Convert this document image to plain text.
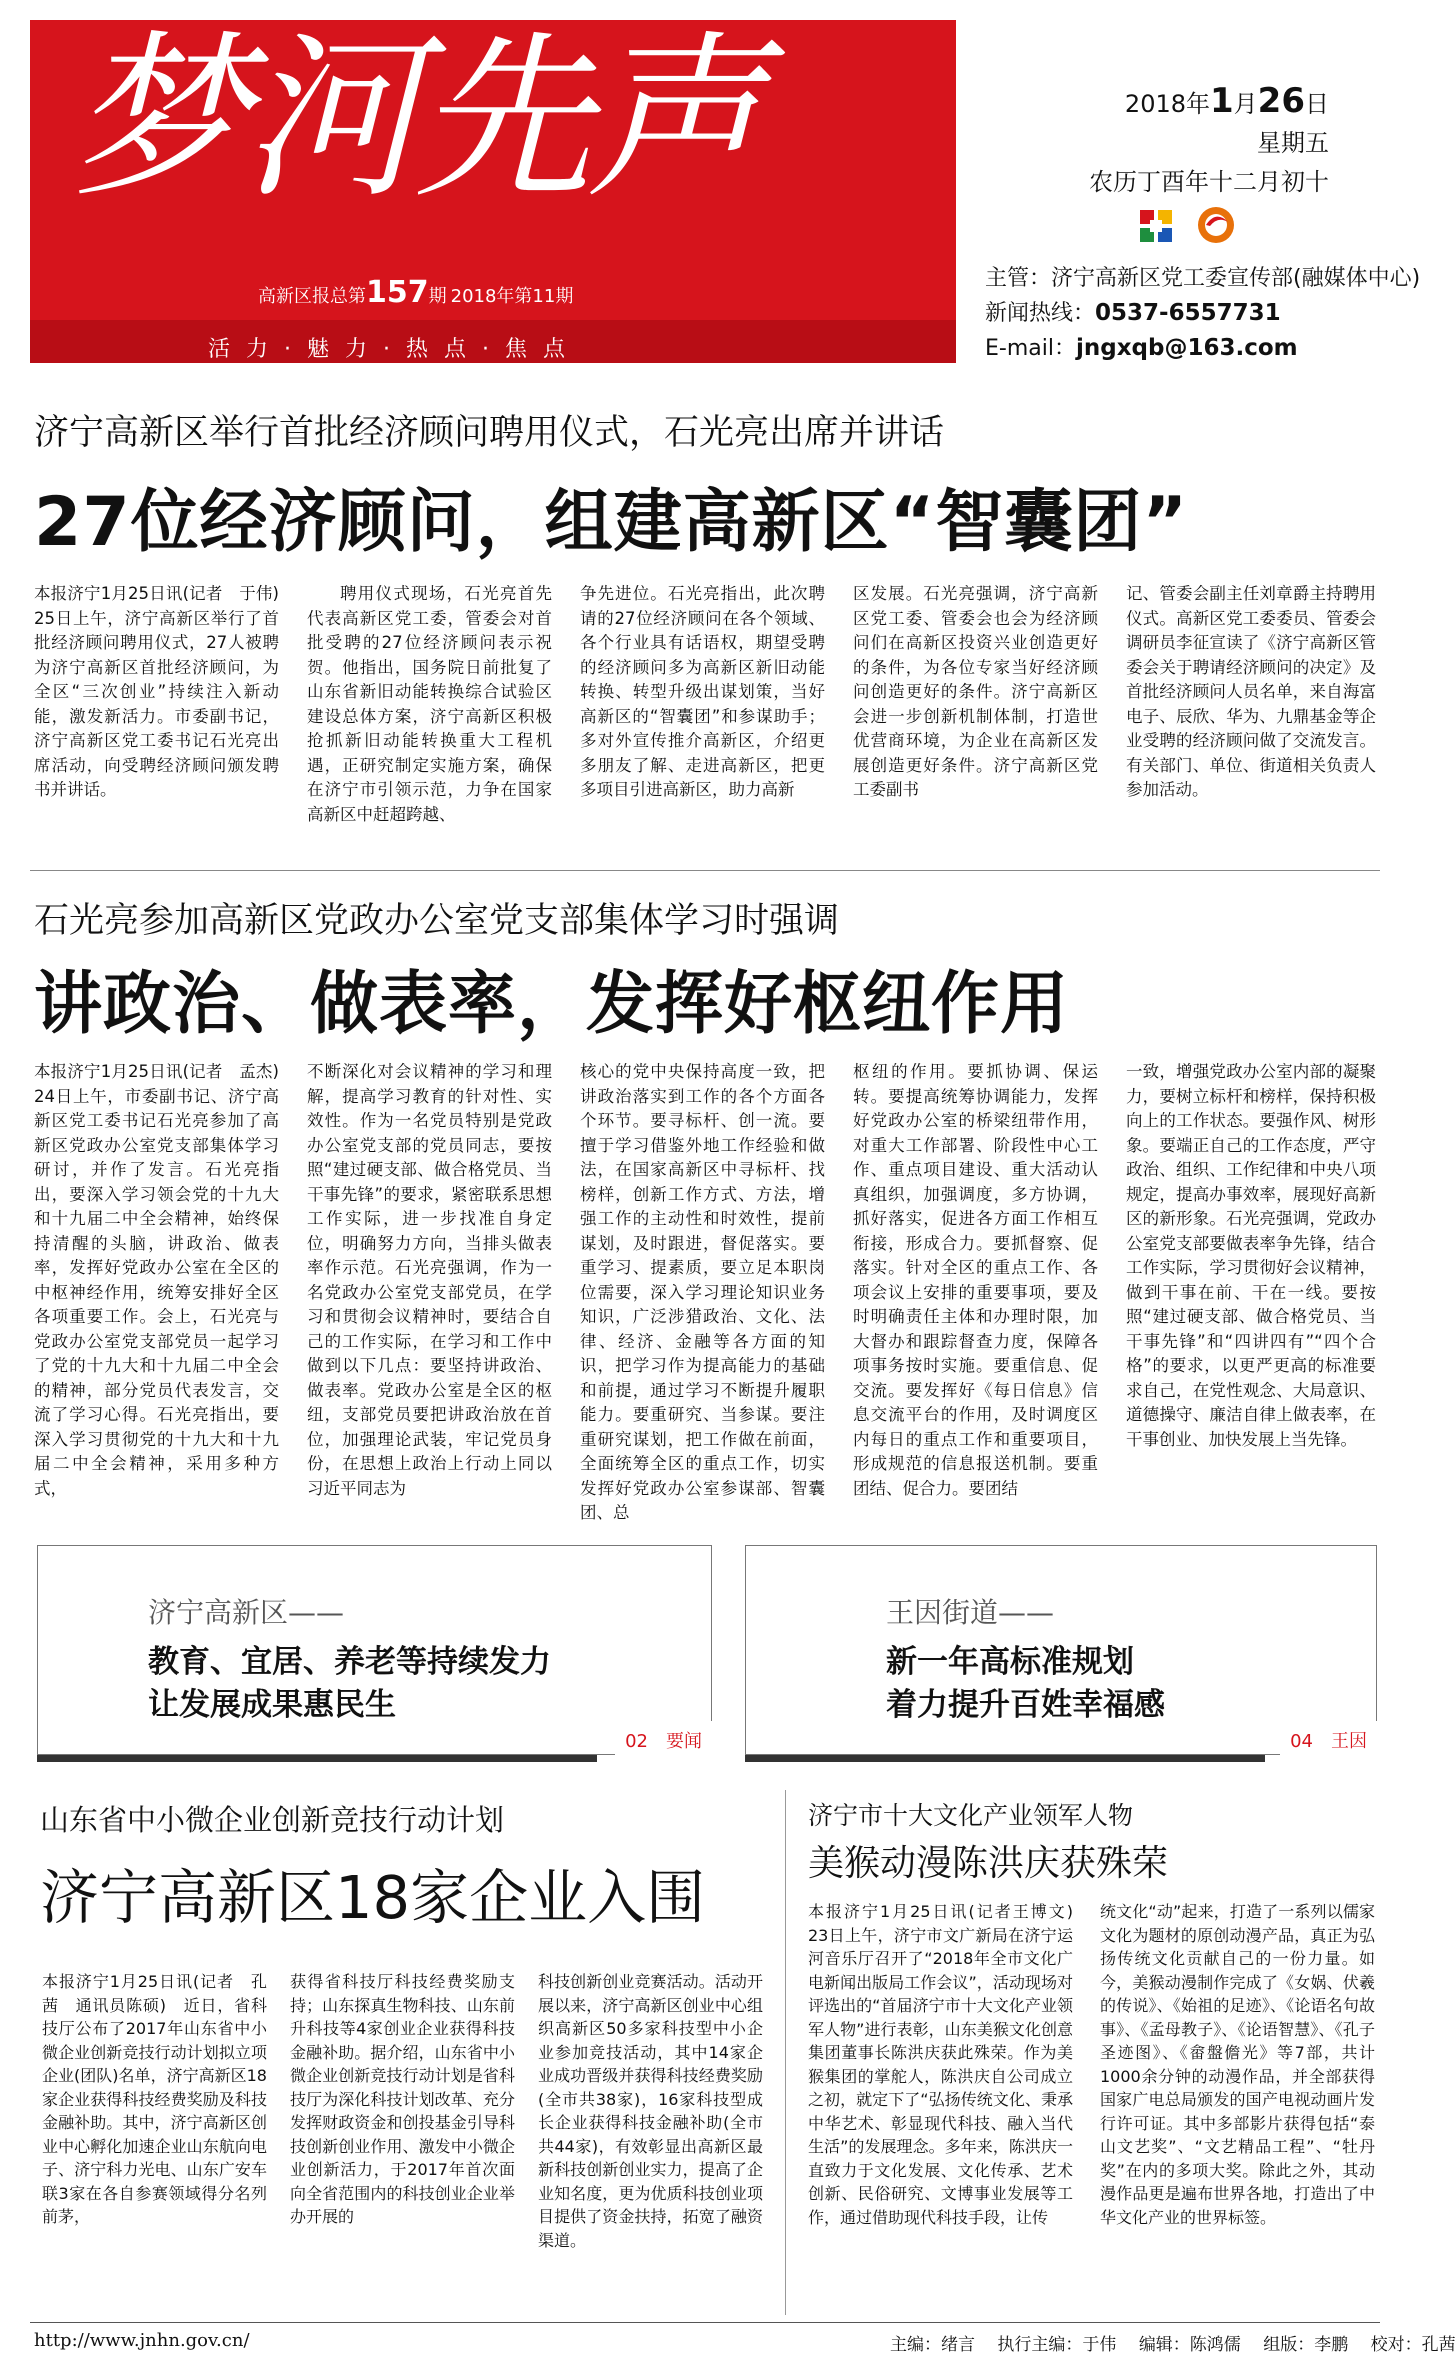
梦河先声
高新区报总第157期 2018年第11期
活力·魅力·热点·焦点
2018年1月26日
星期五
农历丁酉年十二月初十
主管：济宁高新区党工委宣传部(融媒体中心)
新闻热线：0537-6557731
E-mail：jngxqb@163.com
济宁高新区举行首批经济顾问聘用仪式，石光亮出席并讲话
27位经济顾问，组建高新区“智囊团”

本报济宁1月25日讯(记者　于伟)　25日上午，济宁高新区举行了首批经济顾问聘用仪式，27人被聘为济宁高新区首批经济顾问，为全区“三次创业”持续注入新动能，激发新活力。市委副书记，济宁高新区党工委书记石光亮出席活动，向受聘经济顾问颁发聘书并讲话。

聘用仪式现场，石光亮首先代表高新区党工委，管委会对首批受聘的27位经济顾问表示祝贺。他指出，国务院日前批复了山东省新旧动能转换综合试验区建设总体方案，济宁高新区积极抢抓新旧动能转换重大工程机遇，正研究制定实施方案，确保在济宁市引领示范，力争在国家高新区中赶超跨越、

争先进位。石光亮指出，此次聘请的27位经济顾问在各个领域、各个行业具有话语权，期望受聘的经济顾问多为高新区新旧动能转换、转型升级出谋划策，当好高新区的“智囊团”和参谋助手；多对外宣传推介高新区，介绍更多朋友了解、走进高新区，把更多项目引进高新区，助力高新

区发展。石光亮强调，济宁高新区党工委、管委会也会为经济顾问们在高新区投资兴业创造更好的条件，为各位专家当好经济顾问创造更好的条件。济宁高新区会进一步创新机制体制，打造世优营商环境，为企业在高新区发展创造更好条件。济宁高新区党工委副书

记、管委会副主任刘章爵主持聘用仪式。高新区党工委委员、管委会调研员李征宣读了《济宁高新区管委会关于聘请经济顾问的决定》及首批经济顾问人员名单，来自海富电子、辰欣、华为、九鼎基金等企业受聘的经济顾问做了交流发言。有关部门、单位、街道相关负责人参加活动。

石光亮参加高新区党政办公室党支部集体学习时强调
讲政治、做表率，发挥好枢纽作用

本报济宁1月25日讯(记者　孟杰)　24日上午，市委副书记、济宁高新区党工委书记石光亮参加了高新区党政办公室党支部集体学习研讨，并作了发言。石光亮指出，要深入学习领会党的十九大和十九届二中全会精神，始终保持清醒的头脑，讲政治、做表率，发挥好党政办公室在全区的中枢神经作用，统筹安排好全区各项重要工作。会上，石光亮与党政办公室党支部党员一起学习了党的十九大和十九届二中全会的精神，部分党员代表发言，交流了学习心得。石光亮指出，要深入学习贯彻党的十九大和十九届二中全会精神，采用多种方式，

不断深化对会议精神的学习和理解，提高学习教育的针对性、实效性。作为一名党员特别是党政办公室党支部的党员同志，要按照“建过硬支部、做合格党员、当干事先锋”的要求，紧密联系思想工作实际，进一步找准自身定位，明确努力方向，当排头做表率作示范。石光亮强调，作为一名党政办公室党支部党员，在学习和贯彻会议精神时，要结合自己的工作实际，在学习和工作中做到以下几点：要坚持讲政治、做表率。党政办公室是全区的枢纽，支部党员要把讲政治放在首位，加强理论武装，牢记党员身份，在思想上政治上行动上同以习近平同志为

核心的党中央保持高度一致，把讲政治落实到工作的各个方面各个环节。要寻标杆、创一流。要擅于学习借鉴外地工作经验和做法，在国家高新区中寻标杆、找榜样，创新工作方式、方法，增强工作的主动性和时效性，提前谋划，及时跟进，督促落实。要重学习、提素质，要立足本职岗位需要，深入学习理论知识业务知识，广泛涉猎政治、文化、法律、经济、金融等各方面的知识，把学习作为提高能力的基础和前提，通过学习不断提升履职能力。要重研究、当参谋。要注重研究谋划，把工作做在前面，全面统筹全区的重点工作，切实发挥好党政办公室参谋部、智囊团、总

枢纽的作用。要抓协调、保运转。要提高统筹协调能力，发挥好党政办公室的桥梁纽带作用，对重大工作部署、阶段性中心工作、重点项目建设、重大活动认真组织，加强调度，多方协调，抓好落实，促进各方面工作相互衔接，形成合力。要抓督察、促落实。针对全区的重点工作、各项会议上安排的重要事项，要及时明确责任主体和办理时限，加大督办和跟踪督查力度，保障各项事务按时实施。要重信息、促交流。要发挥好《每日信息》信息交流平台的作用，及时调度区内每日的重点工作和重要项目，形成规范的信息报送机制。要重团结、促合力。要团结

一致，增强党政办公室内部的凝聚力，要树立标杆和榜样，保持积极向上的工作状态。要强作风、树形象。要端正自己的工作态度，严守政治、组织、工作纪律和中央八项规定，提高办事效率，展现好高新区的新形象。石光亮强调，党政办公室党支部要做表率争先锋，结合工作实际，学习贯彻好会议精神，做到干事在前、干在一线。要按照“建过硬支部、做合格党员、当干事先锋”和“四讲四有”“四个合格”的要求，以更严更高的标准要求自己，在党性观念、大局意识、道德操守、廉洁自律上做表率，在干事创业、加快发展上当先锋。

济宁高新区——
教育、宜居、养老等持续发力
让发展成果惠民生
02　 要闻
王因街道——
新一年高标准规划
着力提升百姓幸福感
04　 王因
山东省中小微企业创新竞技行动计划
济宁高新区18家企业入围

本报济宁1月25日讯(记者　孔茜　通讯员陈硕)　近日，省科技厅公布了2017年山东省中小微企业创新竞技行动计划拟立项企业(团队)名单，济宁高新区18家企业获得科技经费奖励及科技金融补助。其中，济宁高新区创业中心孵化加速企业山东航向电子、济宁科力光电、山东广安车联3家在各自参赛领域得分名列前茅，

获得省科技厅科技经费奖励支持；山东探真生物科技、山东前升科技等4家创业企业获得科技金融补助。据介绍，山东省中小微企业创新竞技行动计划是省科技厅为深化科技计划改革、充分发挥财政资金和创投基金引导科技创新创业作用、激发中小微企业创新活力，于2017年首次面向全省范围内的科技创业企业举办开展的

科技创新创业竞赛活动。活动开展以来，济宁高新区创业中心组织高新区50多家科技型中小企业参加竞技活动，其中14家企业成功晋级并获得科技经费奖励(全市共38家)，16家科技型成长企业获得科技金融补助(全市共44家)，有效彰显出高新区最新科技创新创业实力，提高了企业知名度，更为优质科技创业项目提供了资金扶持，拓宽了融资渠道。

济宁市十大文化产业领军人物
美猴动漫陈洪庆获殊荣

本报济宁1月25日讯(记者王博文)　23日上午，济宁市文广新局在济宁运河音乐厅召开了“2018年全市文化广电新闻出版局工作会议”，活动现场对评选出的“首届济宁市十大文化产业领军人物”进行表彰，山东美猴文化创意集团董事长陈洪庆获此殊荣。作为美猴集团的掌舵人，陈洪庆自公司成立之初，就定下了“弘扬传统文化、秉承中华艺术、彰显现代科技、融入当代生活”的发展理念。多年来，陈洪庆一直致力于文化发展、文化传承、艺术创新、民俗研究、文博事业发展等工作，通过借助现代科技手段，让传

统文化“动”起来，打造了一系列以儒家文化为题材的原创动漫产品，真正为弘扬传统文化贡献自己的一份力量。如今，美猴动漫制作完成了《女娲、伏羲的传说》、《始祖的足迹》、《论语名句故事》、《孟母教子》、《论语智慧》、《孔子圣迹图》、《畲盤儋光》等7部，共计1000余分钟的动漫作品，并全部获得国家广电总局颁发的国产电视动画片发行许可证。其中多部影片获得包括“泰山文艺奖”、“文艺精品工程”、“牡丹奖”在内的多项大奖。除此之外，其动漫作品更是遍布世界各地，打造出了中华文化产业的世界标签。

http://www.jnhn.gov.cn/	主编：绪言　 执行主编：于伟　 编辑：陈鸿儒　 组版：李鹏　 校对：孔茜
